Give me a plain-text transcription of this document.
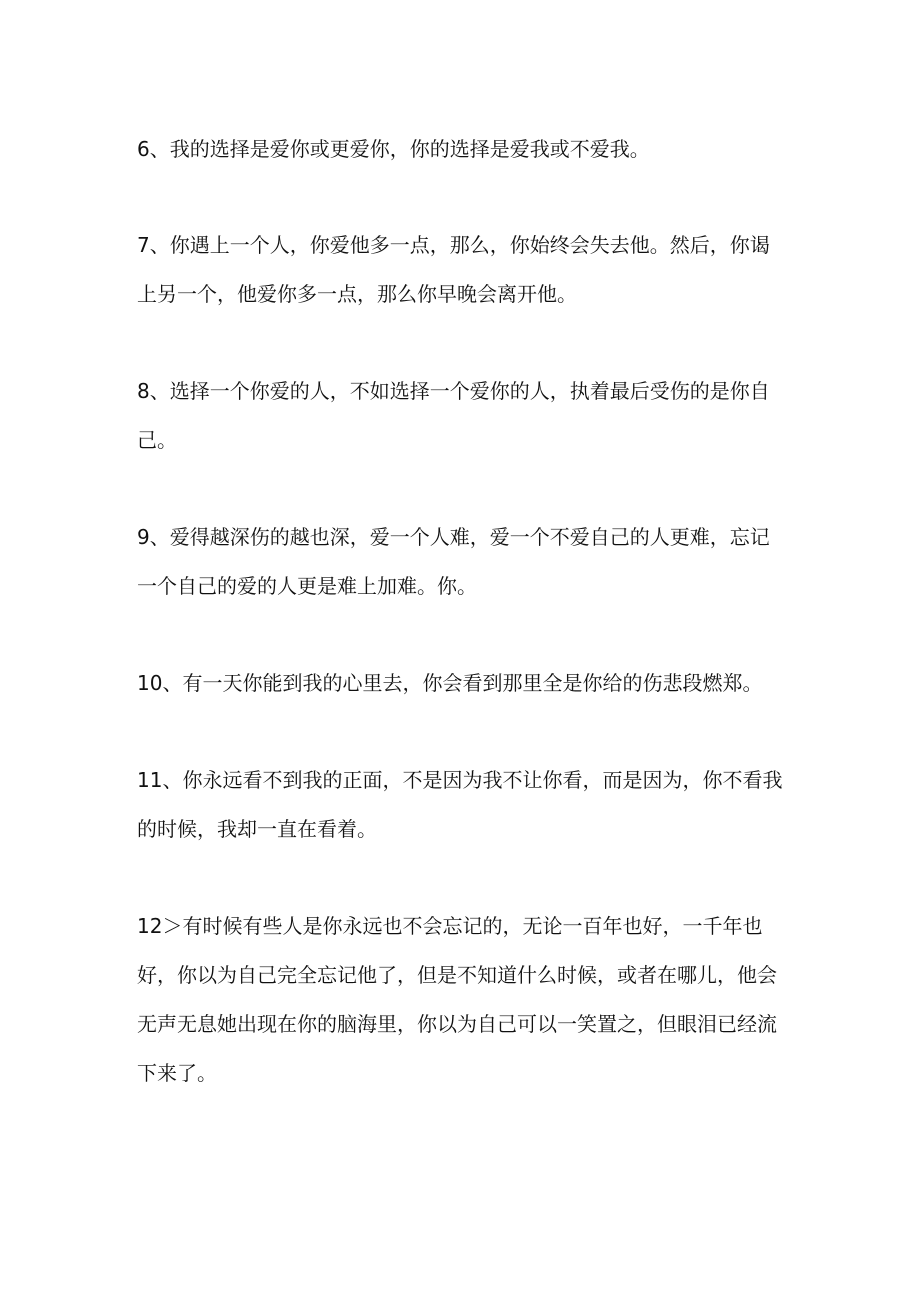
6、我的选择是爱你或更爱你，你的选择是爱我或不爱我。

7、你遇上一个人，你爱他多一点，那么，你始终会失去他。然后，你谒上另一个，他爱你多一点，那么你早晚会离开他。

8、选择一个你爱的人，不如选择一个爱你的人，执着最后受伤的是你自己。

9、爱得越深伤的越也深，爱一个人难，爱一个不爱自己的人更难，忘记一个自己的爱的人更是难上加难。你。

10、有一天你能到我的心里去，你会看到那里全是你给的伤悲段燃郑。

11、你永远看不到我的正面，不是因为我不让你看，而是因为，你不看我的时候，我却一直在看着。

12＞有时候有些人是你永远也不会忘记的，无论一百年也好，一千年也好，你以为自己完全忘记他了，但是不知道什么时候，或者在哪儿，他会无声无息她出现在你的脑海里，你以为自己可以一笑置之，但眼泪已经流下来了。
